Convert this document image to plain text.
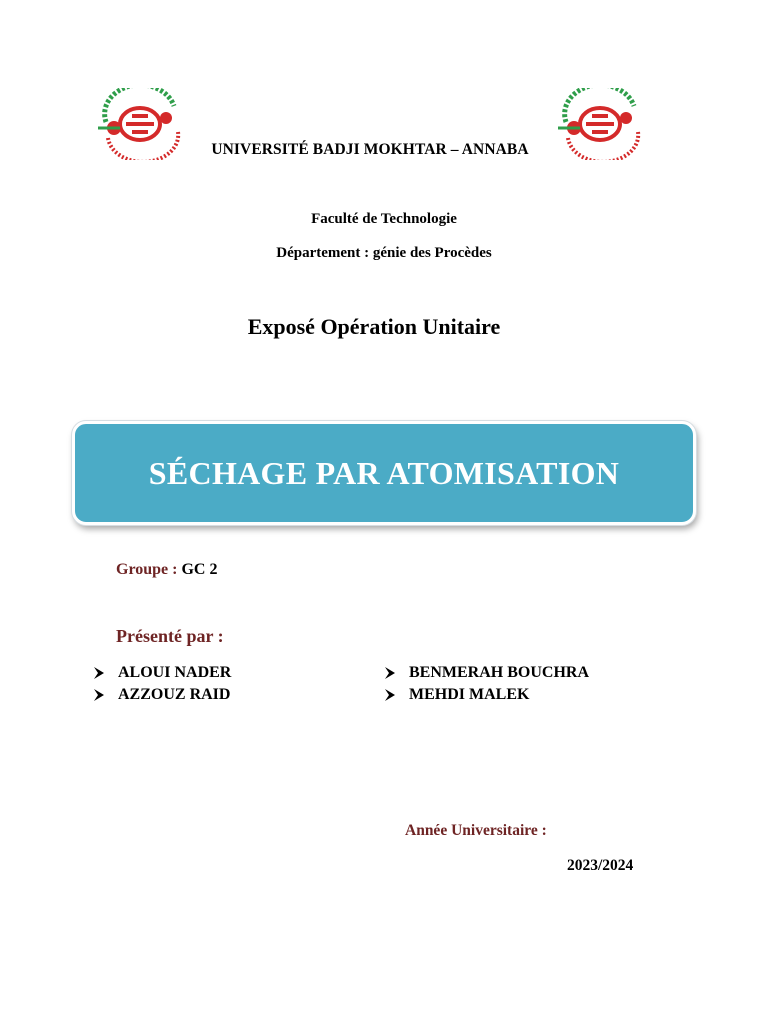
UNIVERSITÉ BADJI MOKHTAR – ANNABA
Faculté de Technologie
Département : génie des Procèdes
Exposé Opération Unitaire
SÉCHAGE PAR ATOMISATION
Groupe : GC 2
Présenté par :
ALOUI NADER
AZZOUZ RAID
BENMERAH BOUCHRA
MEHDI MALEK
Année Universitaire :
2023/2024
